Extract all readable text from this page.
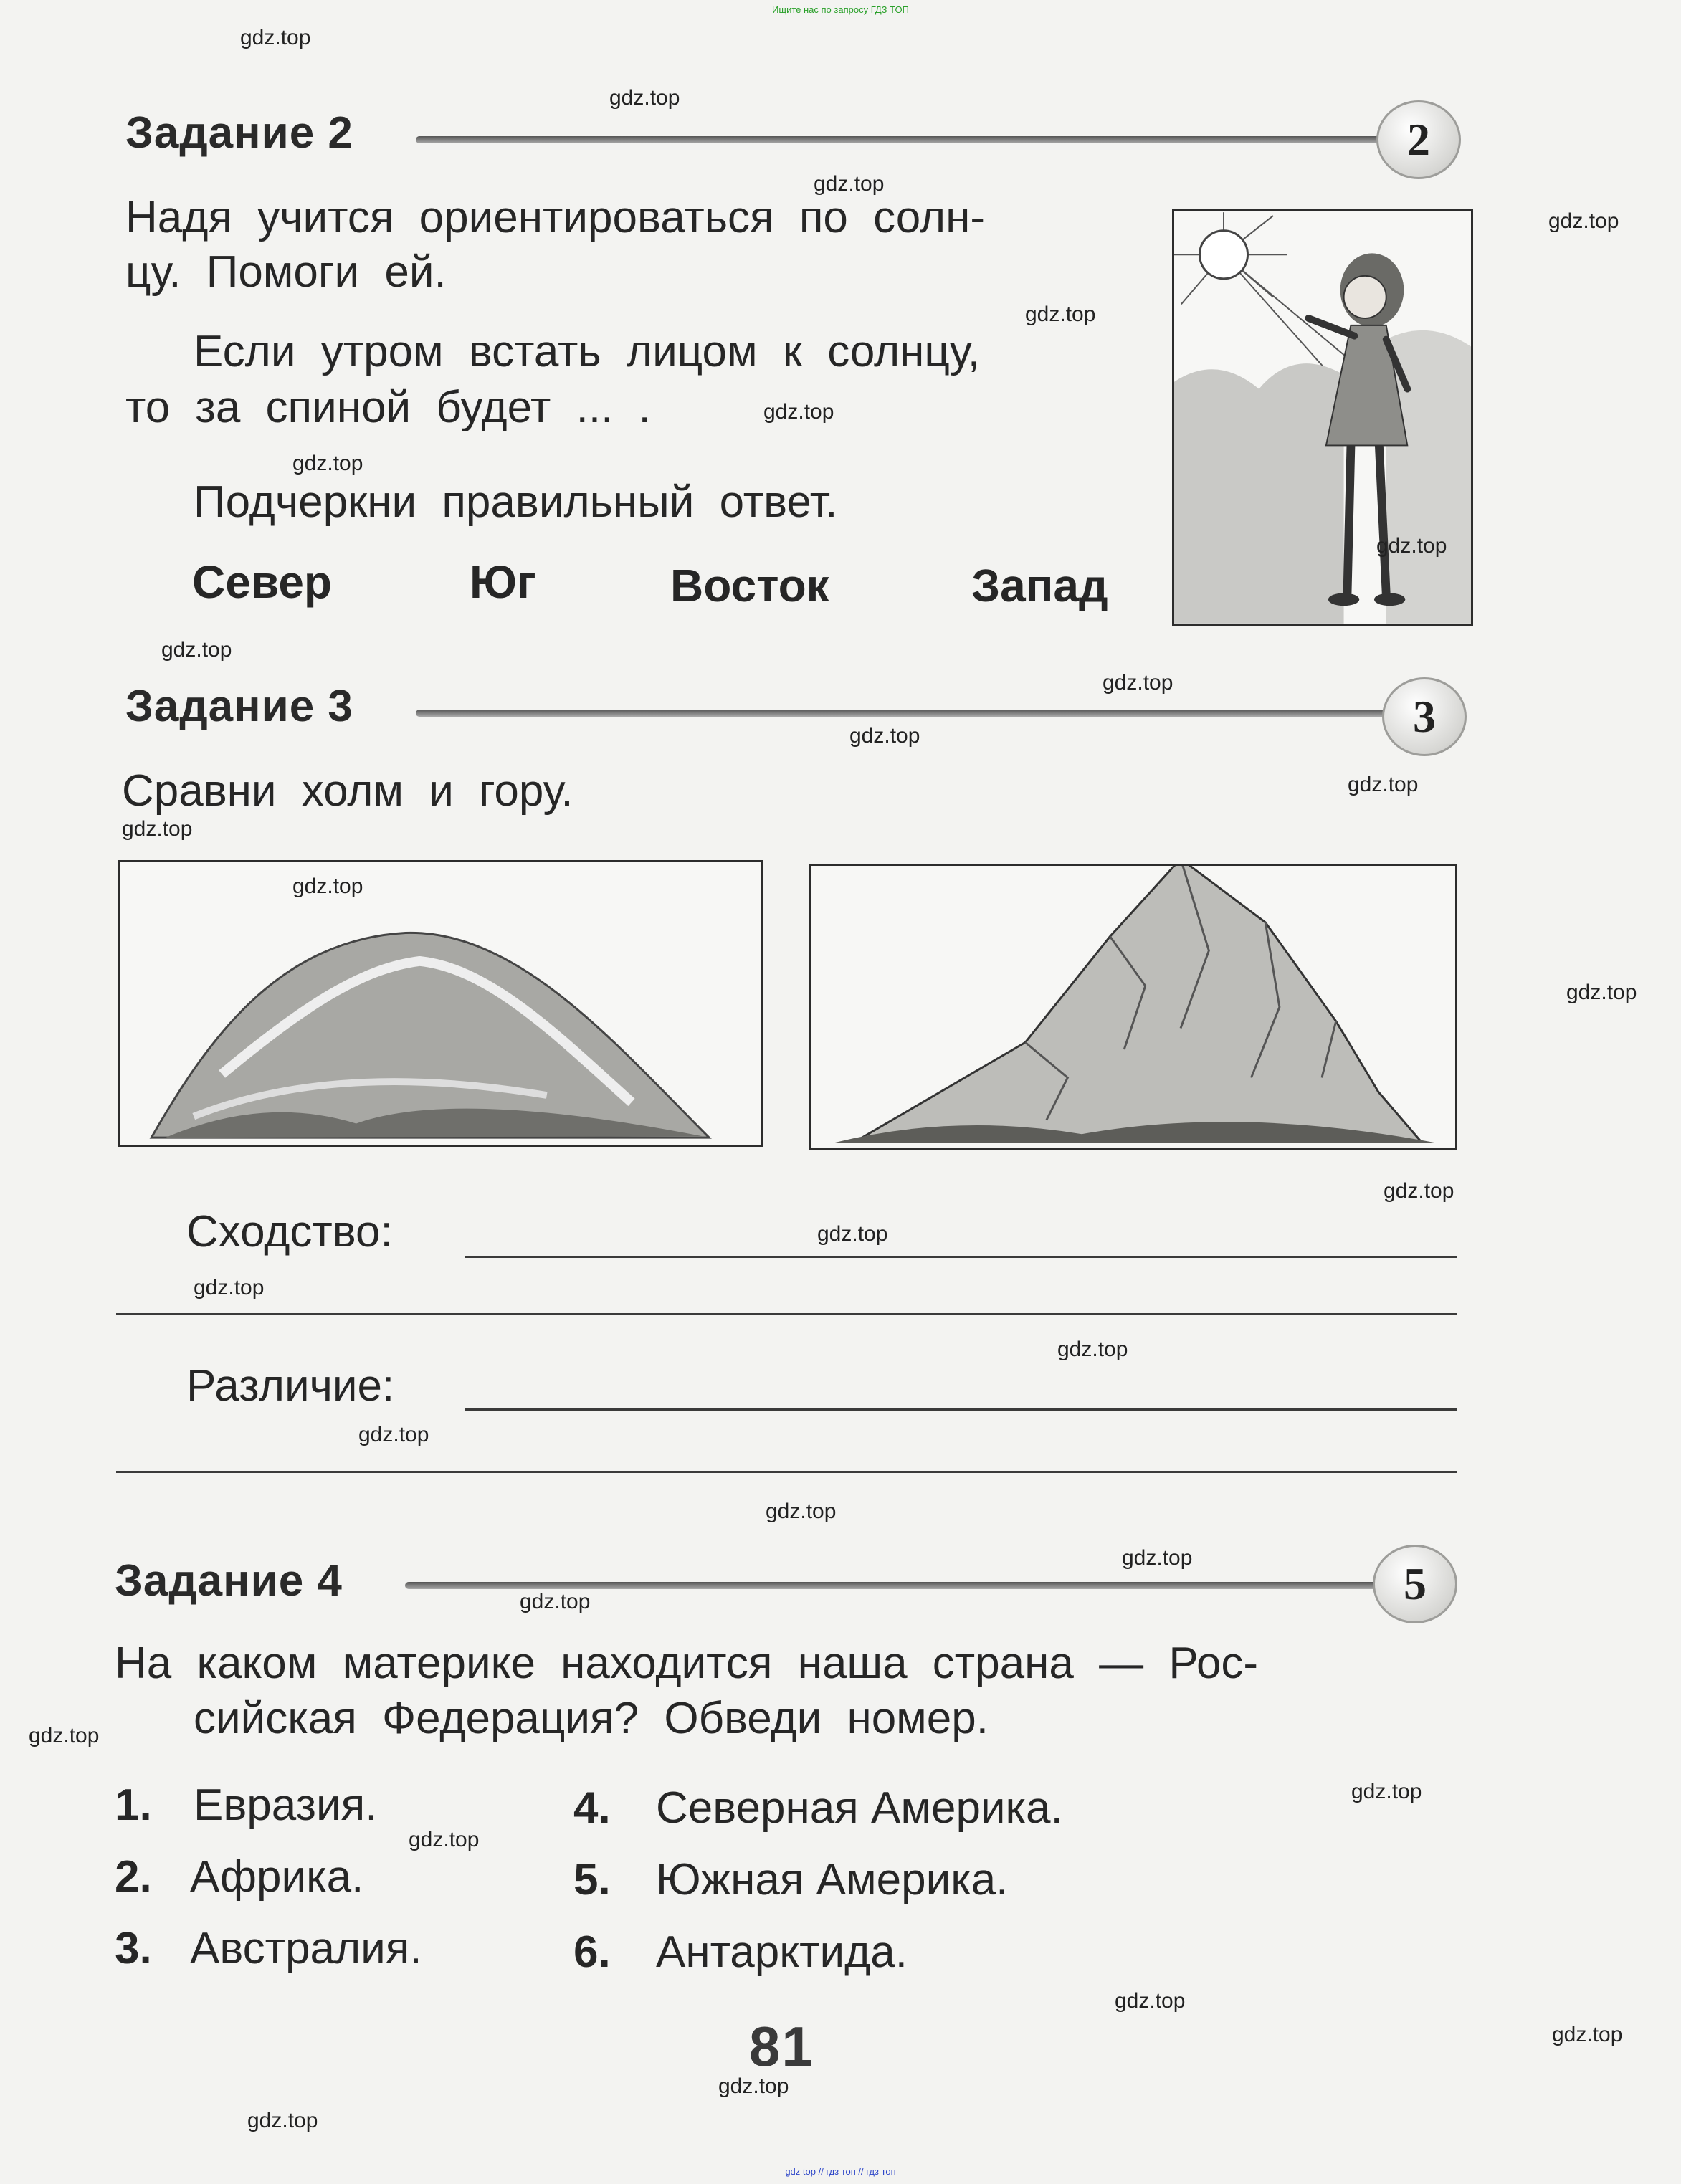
Ищите нас по запросу ГДЗ ТОП
Задание 2	2
Надя учится ориентироваться по солн-
цу. Помоги ей.
Если утром встать лицом к солнцу,
то за спиной будет ... .
Подчеркни правильный ответ.
Север	Юг	Восток	Запад
Задание 3	3
Сравни холм и гору.
Сходство:
Различие:
Задание 4	5
На каком материке находится наша страна — Рос-
сийская Федерация? Обведи номер.
1. Евразия.
2. Африка.
3. Австралия.
4. Северная Америка.
5. Южная Америка.
6. Антарктида.
81
gdz.top
gdz.top
gdz.top
gdz.top
gdz.top
gdz.top
gdz.top
gdz.top
gdz.top
gdz.top
gdz.top
gdz.top
gdz.top
gdz.top
gdz.top
gdz.top
gdz.top
gdz.top
gdz.top
gdz.top
gdz.top
gdz.top
gdz.top
gdz.top
gdz.top
gdz.top
gdz.top
gdz.top
gdz.top
gdz.top
gdz top // гдз топ // гдз топ
